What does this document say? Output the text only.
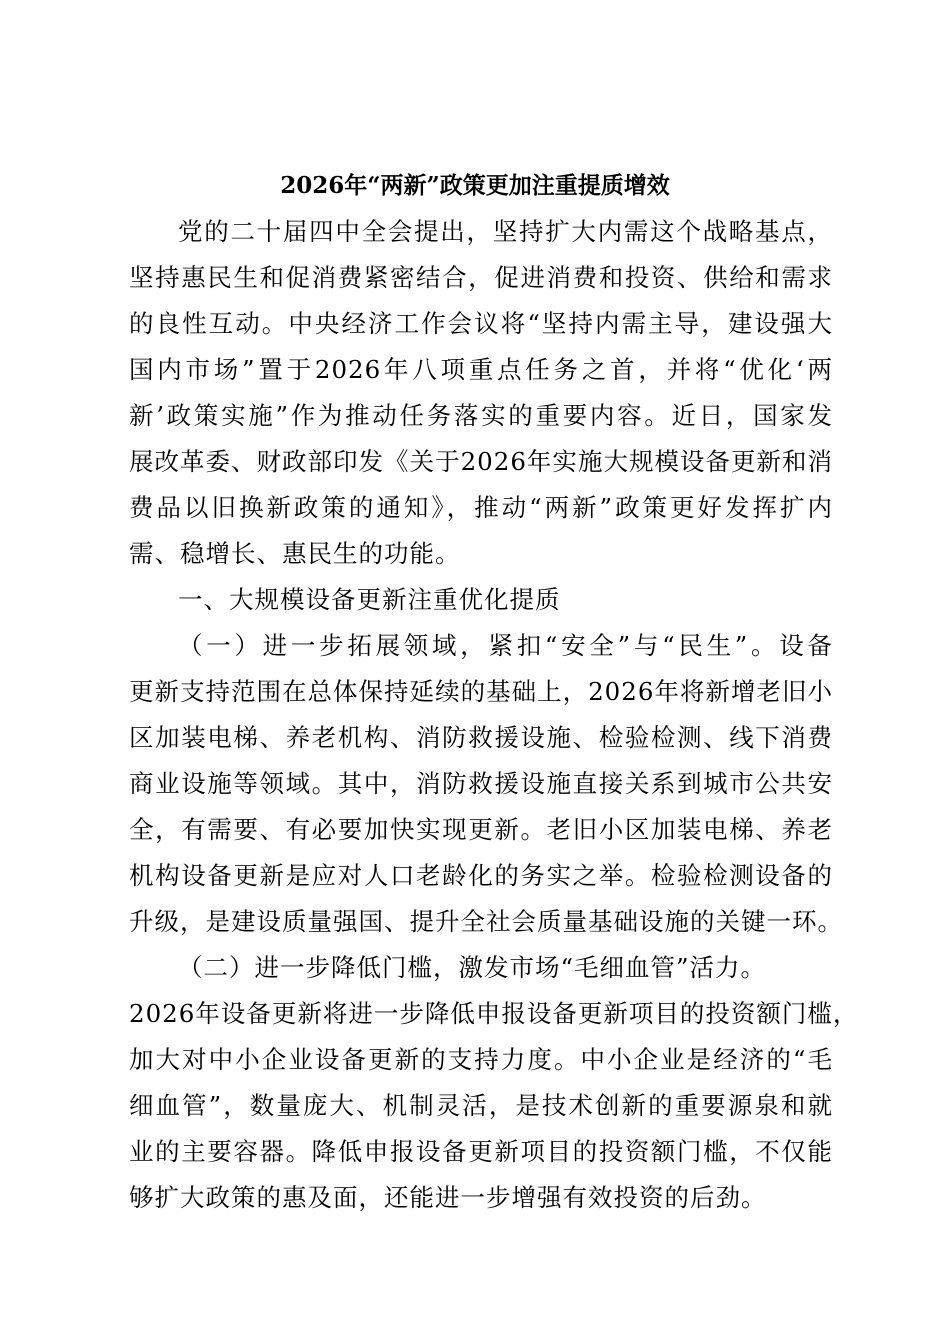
2026年“两新”政策更加注重提质增效
党的二十届四中全会提出，坚持扩大内需这个战略基点，
坚持惠民生和促消费紧密结合，促进消费和投资、供给和需求
的良性互动。中央经济工作会议将“坚持内需主导，建设强大
国内市场”置于2026年八项重点任务之首，并将“优化‘两
新’政策实施”作为推动任务落实的重要内容。近日，国家发
展改革委、财政部印发《关于2026年实施大规模设备更新和消
费品以旧换新政策的通知》，推动“两新”政策更好发挥扩内
需、稳增长、惠民生的功能。
一、大规模设备更新注重优化提质
（一）进一步拓展领域，紧扣“安全”与“民生”。设备
更新支持范围在总体保持延续的基础上，2026年将新增老旧小
区加装电梯、养老机构、消防救援设施、检验检测、线下消费
商业设施等领域。其中，消防救援设施直接关系到城市公共安
全，有需要、有必要加快实现更新。老旧小区加装电梯、养老
机构设备更新是应对人口老龄化的务实之举。检验检测设备的
升级，是建设质量强国、提升全社会质量基础设施的关键一环。
（二）进一步降低门槛，激发市场“毛细血管”活力。
2026年设备更新将进一步降低申报设备更新项目的投资额门槛，
加大对中小企业设备更新的支持力度。中小企业是经济的“毛
细血管”，数量庞大、机制灵活，是技术创新的重要源泉和就
业的主要容器。降低申报设备更新项目的投资额门槛，不仅能
够扩大政策的惠及面，还能进一步增强有效投资的后劲。
